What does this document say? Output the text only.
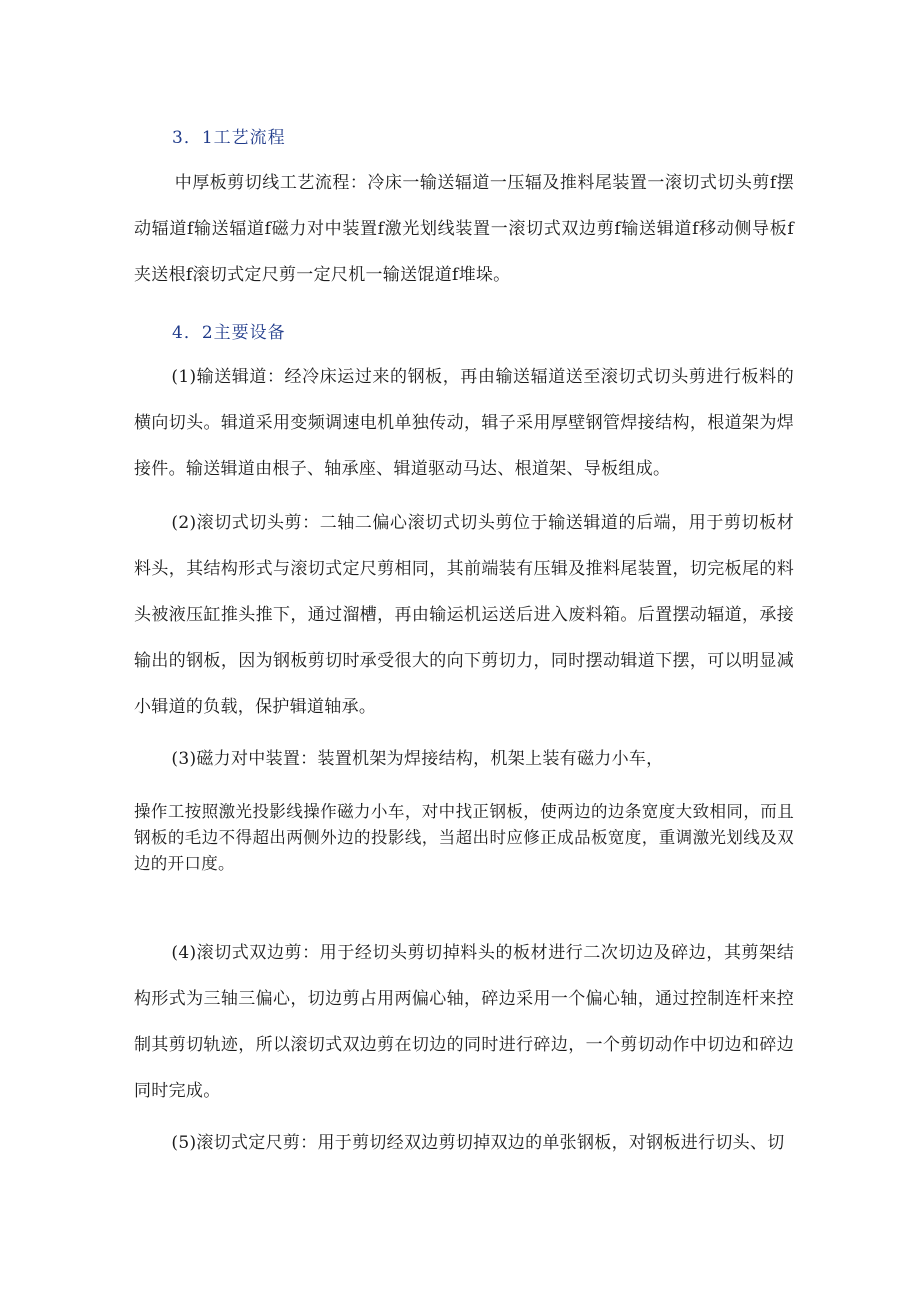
3．1工艺流程

中厚板剪切线工艺流程：冷床一输送辐道一压辐及推料尾装置一滚切式切头剪f摆动辐道f输送辐道f磁力对中装置f激光划线装置一滚切式双边剪f输送辑道f移动侧导板f夹送根f滚切式定尺剪一定尺机一输送馄道f堆垛。

4．2主要设备

(1)输送辑道：经冷床运过来的钢板，再由输送辐道送至滚切式切头剪进行板料的横向切头。辑道采用变频调速电机单独传动，辑子采用厚壁钢管焊接结构，根道架为焊接件。输送辑道由根子、轴承座、辑道驱动马达、根道架、导板组成。

(2)滚切式切头剪：二轴二偏心滚切式切头剪位于输送辑道的后端，用于剪切板材料头，其结构形式与滚切式定尺剪相同，其前端装有压辑及推料尾装置，切完板尾的料头被液压缸推头推下，通过溜槽，再由输运机运送后进入废料箱。后置摆动辐道，承接输出的钢板，因为钢板剪切时承受很大的向下剪切力，同时摆动辑道下摆，可以明显减小辑道的负载，保护辑道轴承。

(3)磁力对中装置：装置机架为焊接结构，机架上装有磁力小车，

操作工按照激光投影线操作磁力小车，对中找正钢板，使两边的边条宽度大致相同，而且钢板的毛边不得超出两侧外边的投影线，当超出时应修正成品板宽度，重调激光划线及双边的开口度。

(4)滚切式双边剪：用于经切头剪切掉料头的板材进行二次切边及碎边，其剪架结构形式为三轴三偏心，切边剪占用两偏心轴，碎边采用一个偏心轴，通过控制连杆来控制其剪切轨迹，所以滚切式双边剪在切边的同时进行碎边，一个剪切动作中切边和碎边同时完成。

(5)滚切式定尺剪：用于剪切经双边剪切掉双边的单张钢板，对钢板进行切头、切
